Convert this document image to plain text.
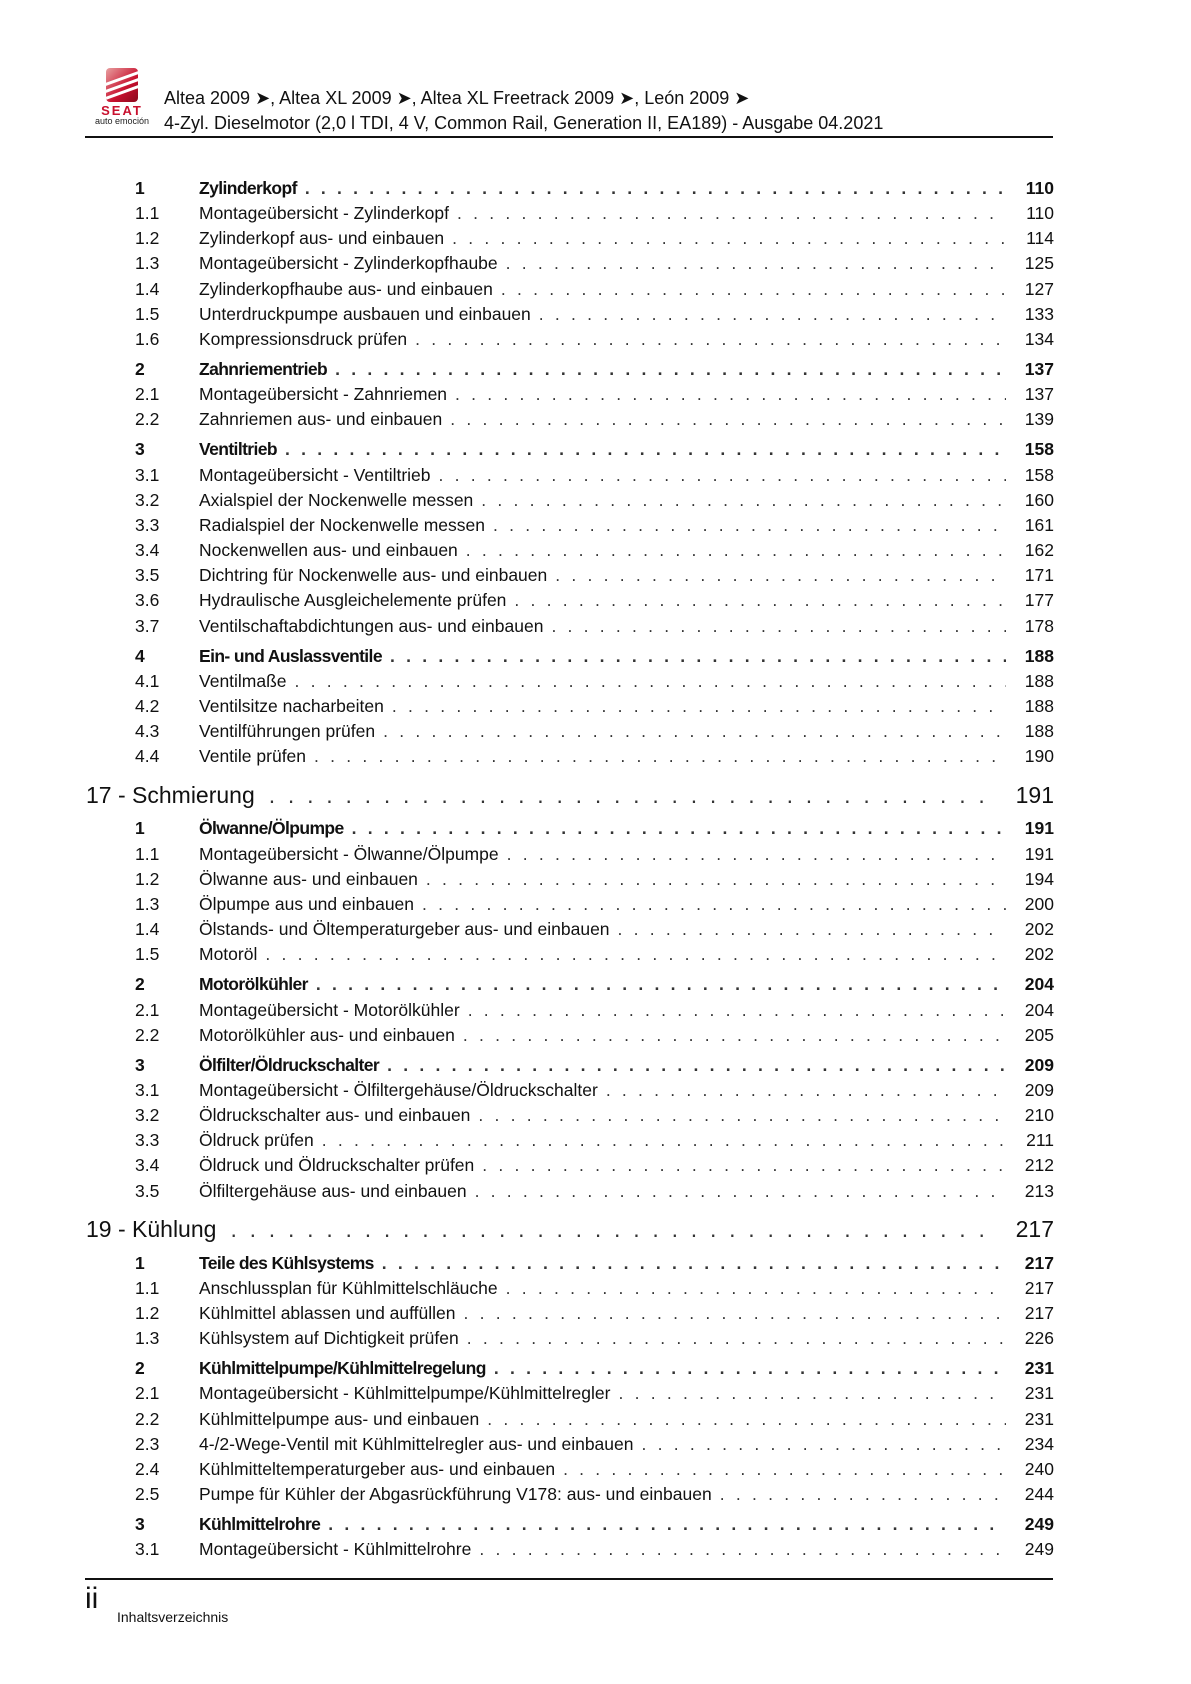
SEAT
auto emoción
Altea 2009 ➤, Altea XL 2009 ➤, Altea XL Freetrack 2009 ➤, León 2009 ➤
4-Zyl. Dieselmotor (2,0 l TDI, 4 V, Common Rail, Generation II, EA189) - Ausgabe 04.2021
1	Zylinderkopf . . .	110
1.1	Montageübersicht - Zylinderkopf . . .	110
1.2	Zylinderkopf aus- und einbauen . . .	114
1.3	Montageübersicht - Zylinderkopfhaube . . .	125
1.4	Zylinderkopfhaube aus- und einbauen . . .	127
1.5	Unterdruckpumpe ausbauen und einbauen . . .	133
1.6	Kompressionsdruck prüfen . . .	134
2	Zahnriementrieb . . .	137
2.1	Montageübersicht - Zahnriemen . . .	137
2.2	Zahnriemen aus- und einbauen . . .	139
3	Ventiltrieb . . .	158
3.1	Montageübersicht - Ventiltrieb . . .	158
3.2	Axialspiel der Nockenwelle messen . . .	160
3.3	Radialspiel der Nockenwelle messen . . .	161
3.4	Nockenwellen aus- und einbauen . . .	162
3.5	Dichtring für Nockenwelle aus- und einbauen . . .	171
3.6	Hydraulische Ausgleichelemente prüfen . . .	177
3.7	Ventilschaftabdichtungen aus- und einbauen . . .	178
4	Ein- und Auslassventile . . .	188
4.1	Ventilmaße . . .	188
4.2	Ventilsitze nacharbeiten . . .	188
4.3	Ventilführungen prüfen . . .	188
4.4	Ventile prüfen . . .	190
17 - Schmierung . . .	191
1	Ölwanne/Ölpumpe . . .	191
1.1	Montageübersicht - Ölwanne/Ölpumpe . . .	191
1.2	Ölwanne aus- und einbauen . . .	194
1.3	Ölpumpe aus und einbauen . . .	200
1.4	Ölstands- und Öltemperaturgeber aus- und einbauen . . .	202
1.5	Motoröl . . .	202
2	Motorölkühler . . .	204
2.1	Montageübersicht - Motorölkühler . . .	204
2.2	Motorölkühler aus- und einbauen . . .	205
3	Ölfilter/Öldruckschalter . . .	209
3.1	Montageübersicht - Ölfiltergehäuse/Öldruckschalter . . .	209
3.2	Öldruckschalter aus- und einbauen . . .	210
3.3	Öldruck prüfen . . .	211
3.4	Öldruck und Öldruckschalter prüfen . . .	212
3.5	Ölfiltergehäuse aus- und einbauen . . .	213
19 - Kühlung . . .	217
1	Teile des Kühlsystems . . .	217
1.1	Anschlussplan für Kühlmittelschläuche . . .	217
1.2	Kühlmittel ablassen und auffüllen . . .	217
1.3	Kühlsystem auf Dichtigkeit prüfen . . .	226
2	Kühlmittelpumpe/Kühlmittelregelung . . .	231
2.1	Montageübersicht - Kühlmittelpumpe/Kühlmittelregler . . .	231
2.2	Kühlmittelpumpe aus- und einbauen . . .	231
2.3	4-/2-Wege-Ventil mit Kühlmittelregler aus- und einbauen . . .	234
2.4	Kühlmitteltemperaturgeber aus- und einbauen . . .	240
2.5	Pumpe für Kühler der Abgasrückführung V178: aus- und einbauen . . .	244
3	Kühlmittelrohre . . .	249
3.1	Montageübersicht - Kühlmittelrohre . . .	249
ii
Inhaltsverzeichnis
